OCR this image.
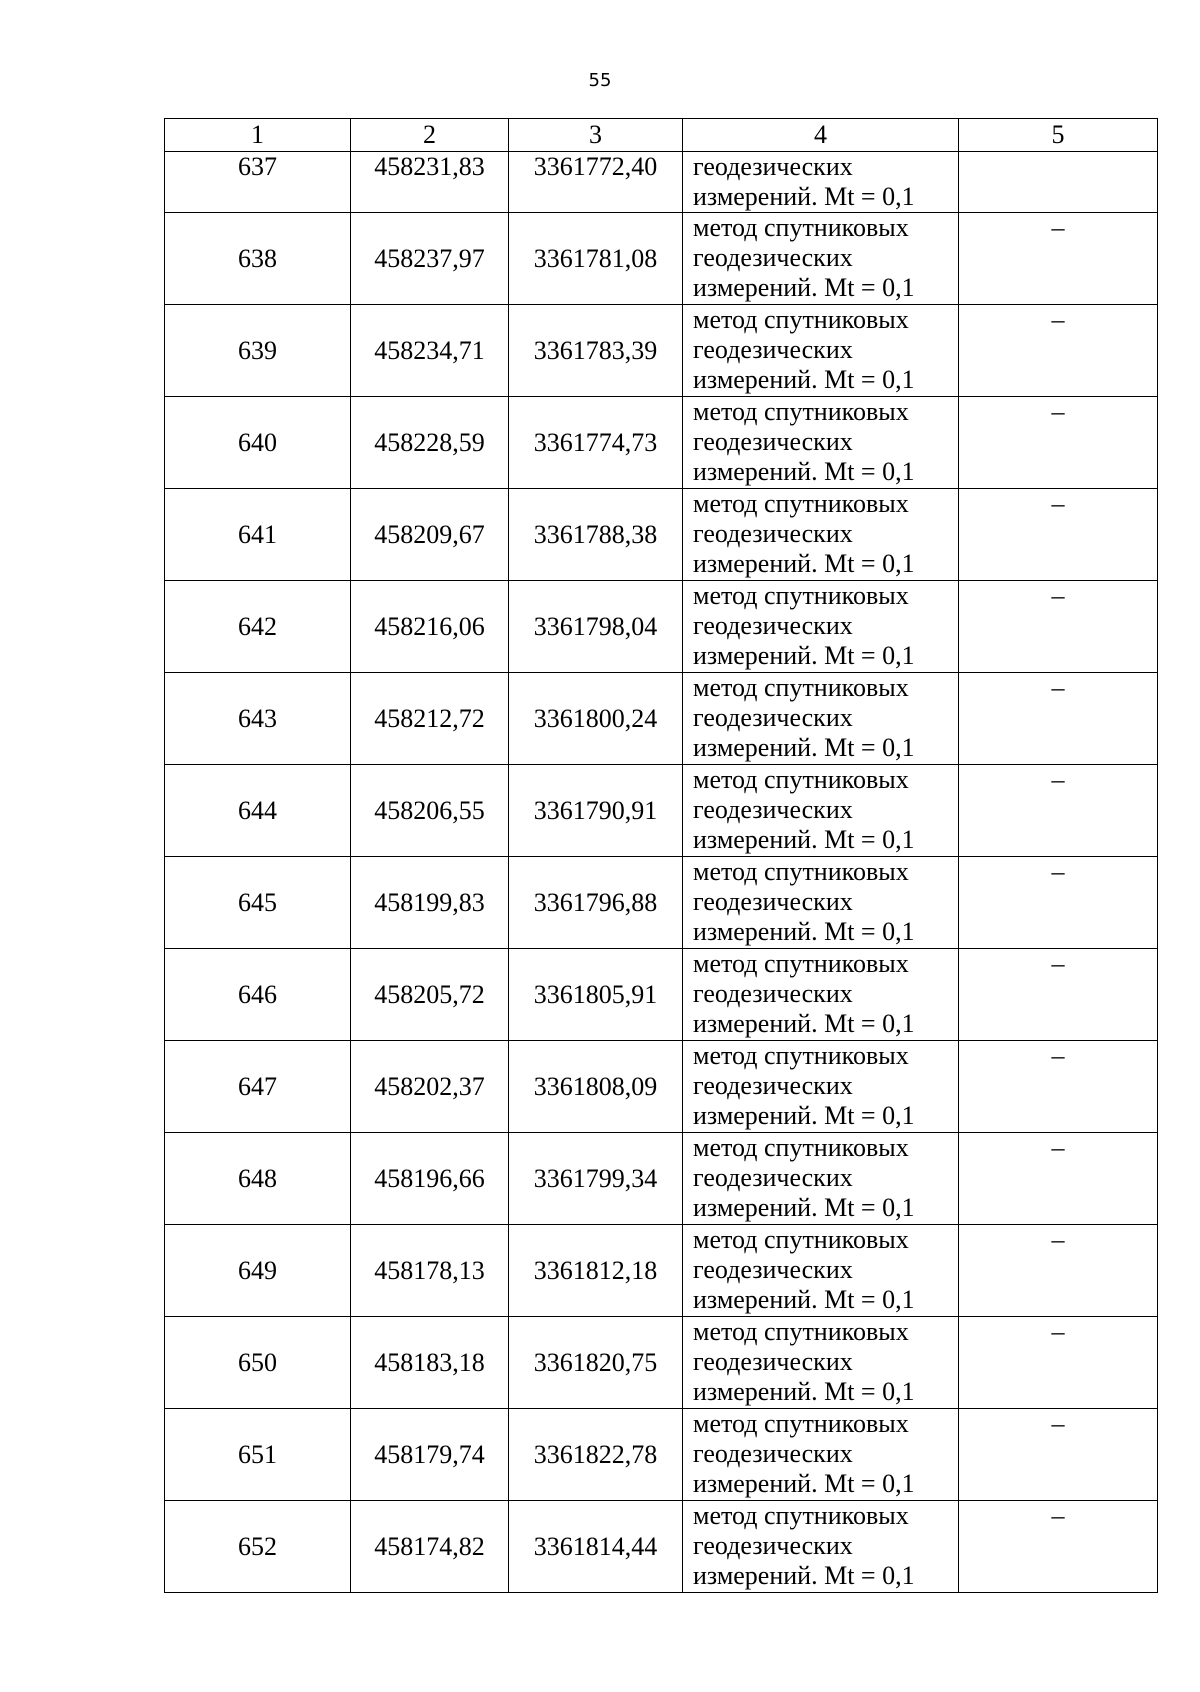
55
1	2	3	4	5
637	458231,83	3361772,40	геодезических
измерений. Mt = 0,1	

638	458237,97	3361781,08	метод спутниковых
геодезических
измерений. Mt = 0,1	–
639	458234,71	3361783,39	метод спутниковых
геодезических
измерений. Mt = 0,1	–
640	458228,59	3361774,73	метод спутниковых
геодезических
измерений. Mt = 0,1	–
641	458209,67	3361788,38	метод спутниковых
геодезических
измерений. Mt = 0,1	–
642	458216,06	3361798,04	метод спутниковых
геодезических
измерений. Mt = 0,1	–
643	458212,72	3361800,24	метод спутниковых
геодезических
измерений. Mt = 0,1	–
644	458206,55	3361790,91	метод спутниковых
геодезических
измерений. Mt = 0,1	–
645	458199,83	3361796,88	метод спутниковых
геодезических
измерений. Mt = 0,1	–
646	458205,72	3361805,91	метод спутниковых
геодезических
измерений. Mt = 0,1	–
647	458202,37	3361808,09	метод спутниковых
геодезических
измерений. Mt = 0,1	–
648	458196,66	3361799,34	метод спутниковых
геодезических
измерений. Mt = 0,1	–
649	458178,13	3361812,18	метод спутниковых
геодезических
измерений. Mt = 0,1	–
650	458183,18	3361820,75	метод спутниковых
геодезических
измерений. Mt = 0,1	–
651	458179,74	3361822,78	метод спутниковых
геодезических
измерений. Mt = 0,1	–
652	458174,82	3361814,44	метод спутниковых
геодезических
измерений. Mt = 0,1	–
